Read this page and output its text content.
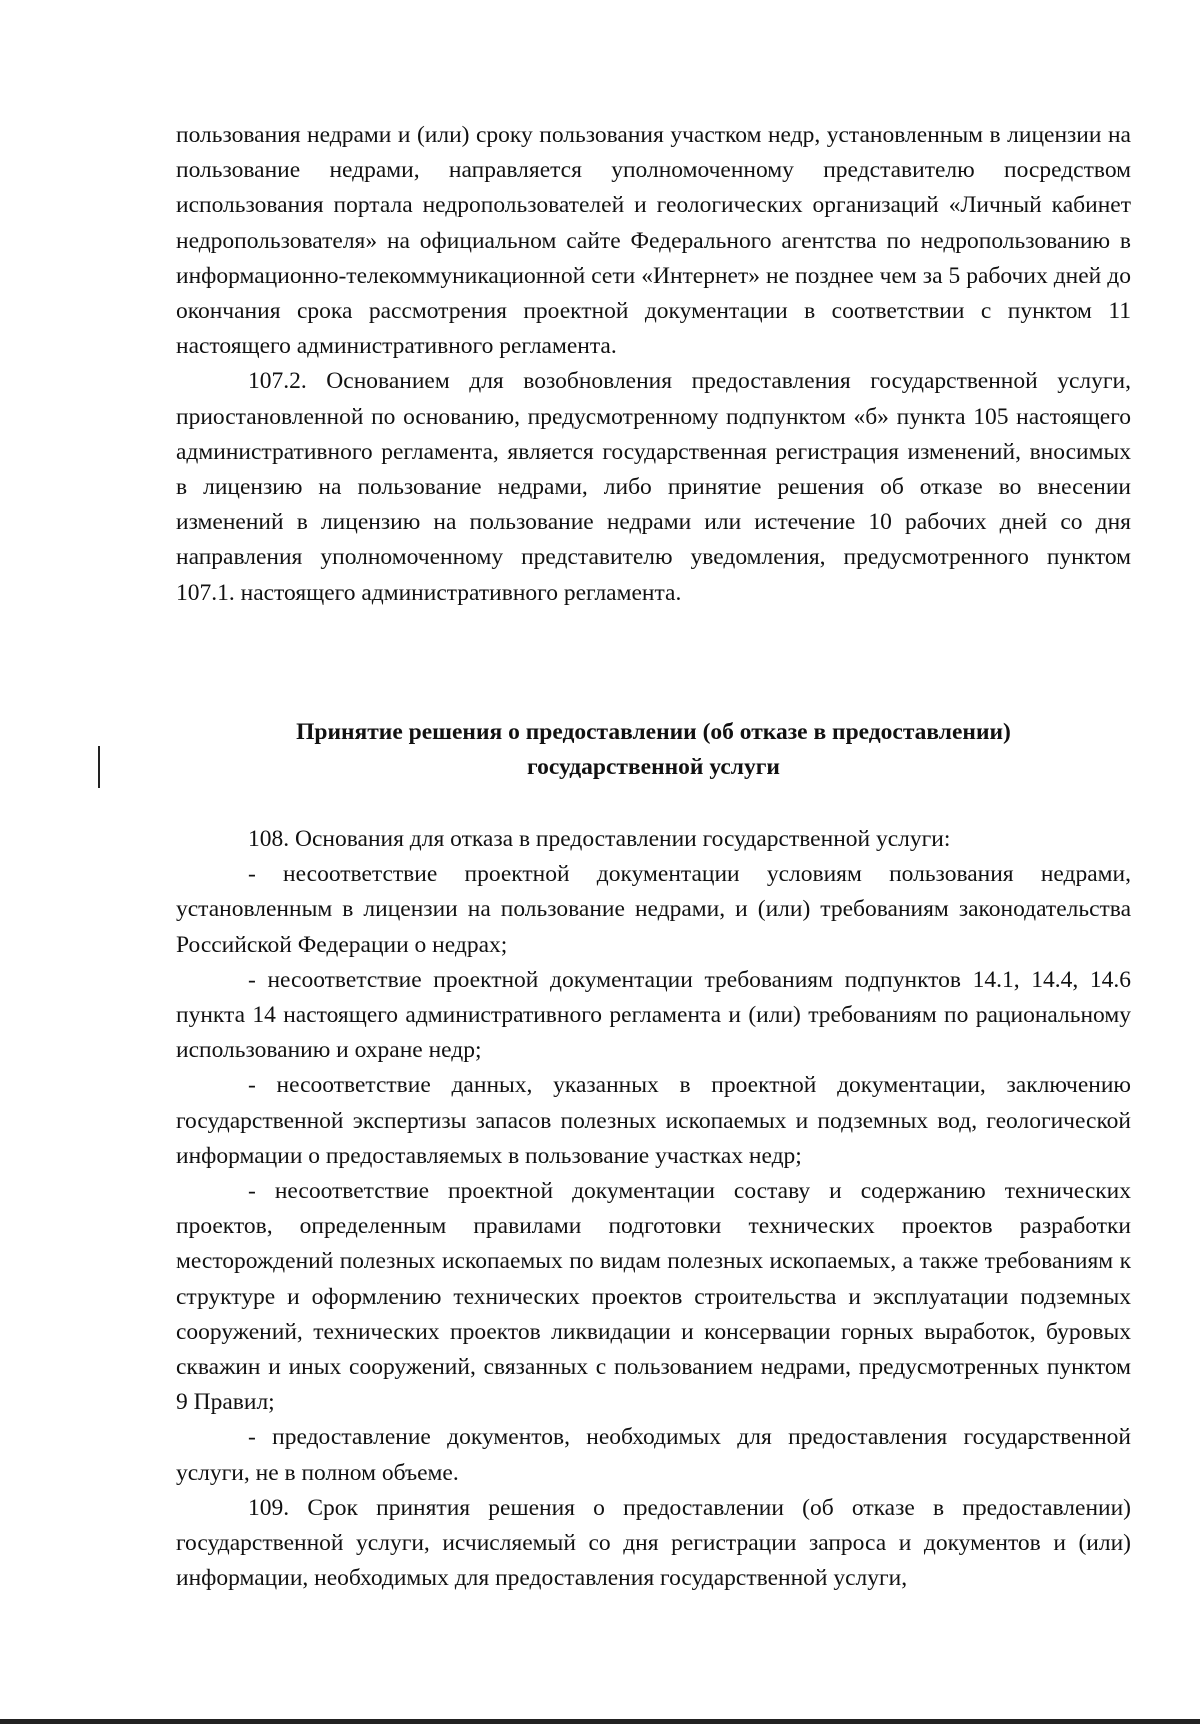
пользования недрами и (или) сроку пользования участком недр, установленным в лицензии на пользование недрами, направляется уполномоченному представителю посредством использования портала недропользователей и геологических организаций «Личный кабинет недропользователя» на официальном сайте Федерального агентства по недропользованию в информационно-телекоммуникационной сети «Интернет» не позднее чем за 5 рабочих дней до окончания срока рассмотрения проектной документации в соответствии с пунктом 11 настоящего административного регламента.

107.2. Основанием для возобновления предоставления государственной услуги, приостановленной по основанию, предусмотренному подпунктом «б» пункта 105 настоящего административного регламента, является государственная регистрация изменений, вносимых в лицензию на пользование недрами, либо принятие решения об отказе во внесении изменений в лицензию на пользование недрами или истечение 10 рабочих дней со дня направления уполномоченному представителю уведомления, предусмотренного пунктом 107.1. настоящего административного регламента.

Принятие решения о предоставлении (об отказе в предоставлении)
государственной услуги

108. Основания для отказа в предоставлении государственной услуги:

- несоответствие проектной документации условиям пользования недрами, установленным в лицензии на пользование недрами, и (или) требованиям законодательства Российской Федерации о недрах;

- несоответствие проектной документации требованиям подпунктов 14.1, 14.4, 14.6 пункта 14 настоящего административного регламента и (или) требованиям по рациональному использованию и охране недр;

- несоответствие данных, указанных в проектной документации, заключению государственной экспертизы запасов полезных ископаемых и подземных вод, геологической информации о предоставляемых в пользование участках недр;

- несоответствие проектной документации составу и содержанию технических проектов, определенным правилами подготовки технических проектов разработки месторождений полезных ископаемых по видам полезных ископаемых, а также требованиям к структуре и оформлению технических проектов строительства и эксплуатации подземных сооружений, технических проектов ликвидации и консервации горных выработок, буровых скважин и иных сооружений, связанных с пользованием недрами, предусмотренных пунктом 9 Правил;

- предоставление документов, необходимых для предоставления государственной услуги, не в полном объеме.

109. Срок принятия решения о предоставлении (об отказе в предоставлении) государственной услуги, исчисляемый со дня регистрации запроса и документов и (или) информации, необходимых для предоставления государственной услуги,
